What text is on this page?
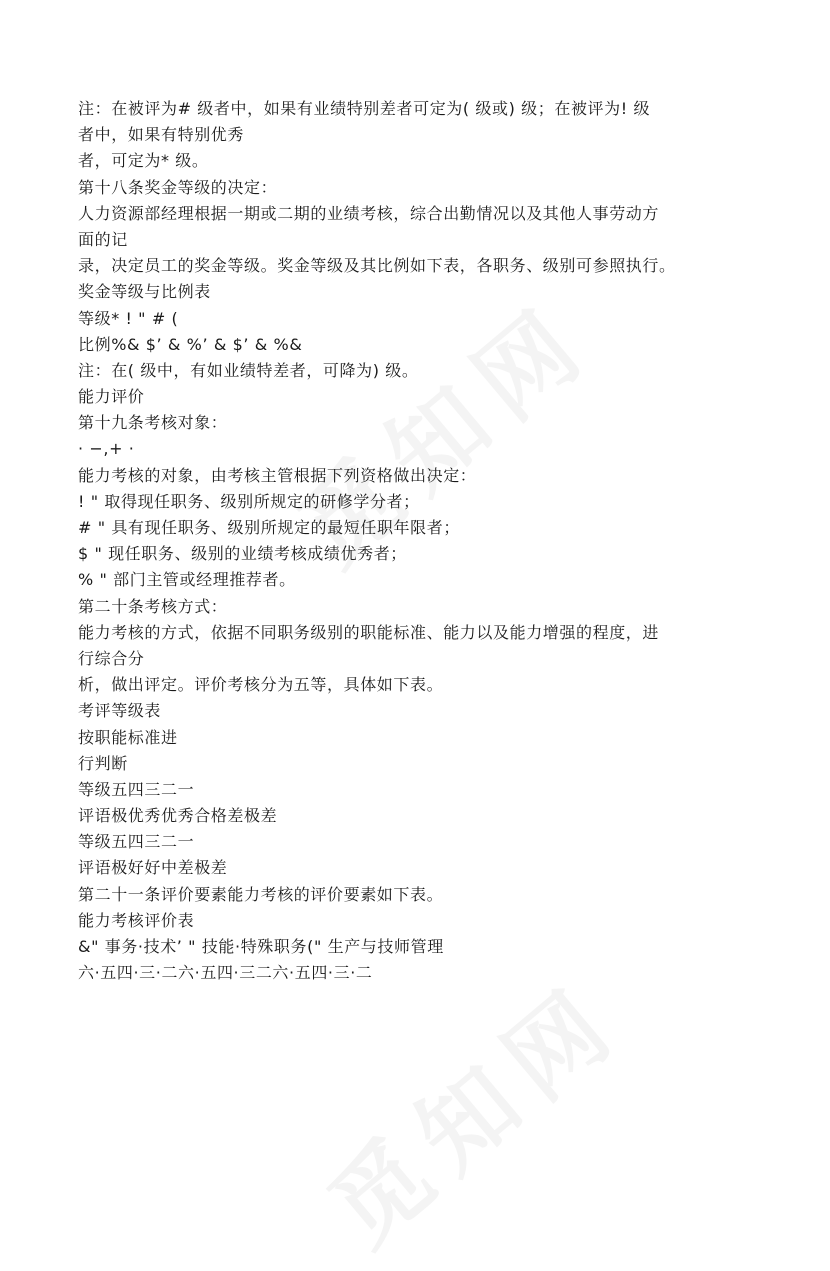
注：在被评为# 级者中，如果有业绩特别差者可定为( 级或) 级；在被评为! 级
者中，如果有特别优秀
者，可定为* 级。
第十八条奖金等级的决定：
人力资源部经理根据一期或二期的业绩考核，综合出勤情况以及其他人事劳动方
面的记
录，决定员工的奖金等级。奖金等级及其比例如下表，各职务、级别可参照执行。
奖金等级与比例表
等级* ! " # (
比例%& $’ & %’ & $’ & %&
注：在( 级中，有如业绩特差者，可降为) 级。
能力评价
第十九条考核对象：
· −,+ ·
能力考核的对象，由考核主管根据下列资格做出决定：
! " 取得现任职务、级别所规定的研修学分者；
# " 具有现任职务、级别所规定的最短任职年限者；
$ " 现任职务、级别的业绩考核成绩优秀者；
% " 部门主管或经理推荐者。
第二十条考核方式：
能力考核的方式，依据不同职务级别的职能标准、能力以及能力增强的程度，进
行综合分
析，做出评定。评价考核分为五等，具体如下表。
考评等级表
按职能标准进
行判断
等级五四三二一
评语极优秀优秀合格差极差
等级五四三二一
评语极好好中差极差
第二十一条评价要素能力考核的评价要素如下表。
能力考核评价表
&" 事务·技术’ " 技能·特殊职务(" 生产与技师管理
六·五四·三·二六·五四·三二六·五四·三·二
